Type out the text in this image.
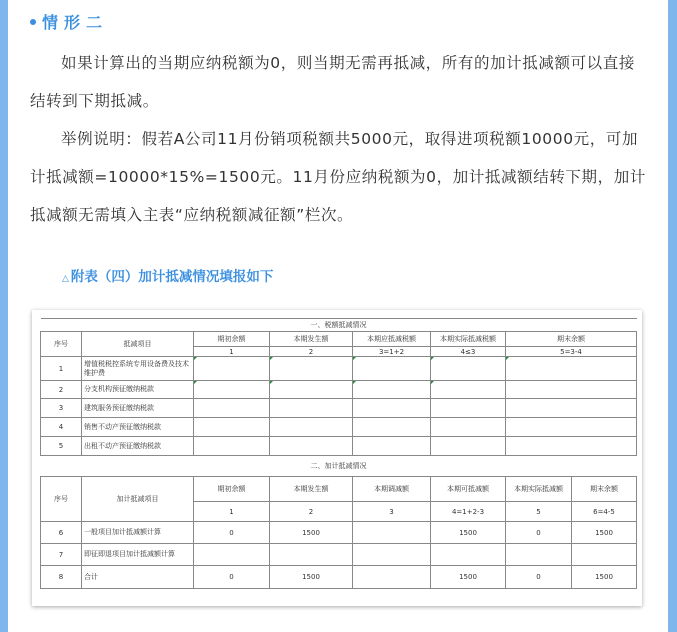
情形二
如果计算出的当期应纳税额为0，则当期无需再抵减，所有的加计抵减额可以直接结转到下期抵减。
举例说明：假若A公司11月份销项税额共5000元，取得进项税额10000元，可加计抵减额=10000*15%=1500元。11月份应纳税额为0，加计抵减额结转下期，加计抵减额无需填入主表“应纳税额减征额”栏次。
△ 附表（四）加计抵减情况填报如下
一、税额抵减情况							
序号	抵减项目	期初余额	本期发生额	本期应抵减税额	本期实际抵减税额	期末余额	
		1	2	3=1+2	4≤3	5=3-4	
1	增值税税控系统专用设备费及技术维护费						
2	分支机构预征缴纳税款						
3	建筑服务预征缴纳税款						
4	销售不动产预征缴纳税款						
5	出租不动产预征缴纳税款						
二、加计抵减情况							
序号	加计抵减项目	期初余额	本期发生额	本期调减额	本期可抵减额	本期实际抵减额	期末余额
		1	2	3	4=1+2-3	5	6=4-5
6	一般项目加计抵减额计算	0	1500		1500	0	1500
7	即征即退项目加计抵减额计算						
8	合计	0	1500		1500	0	1500
